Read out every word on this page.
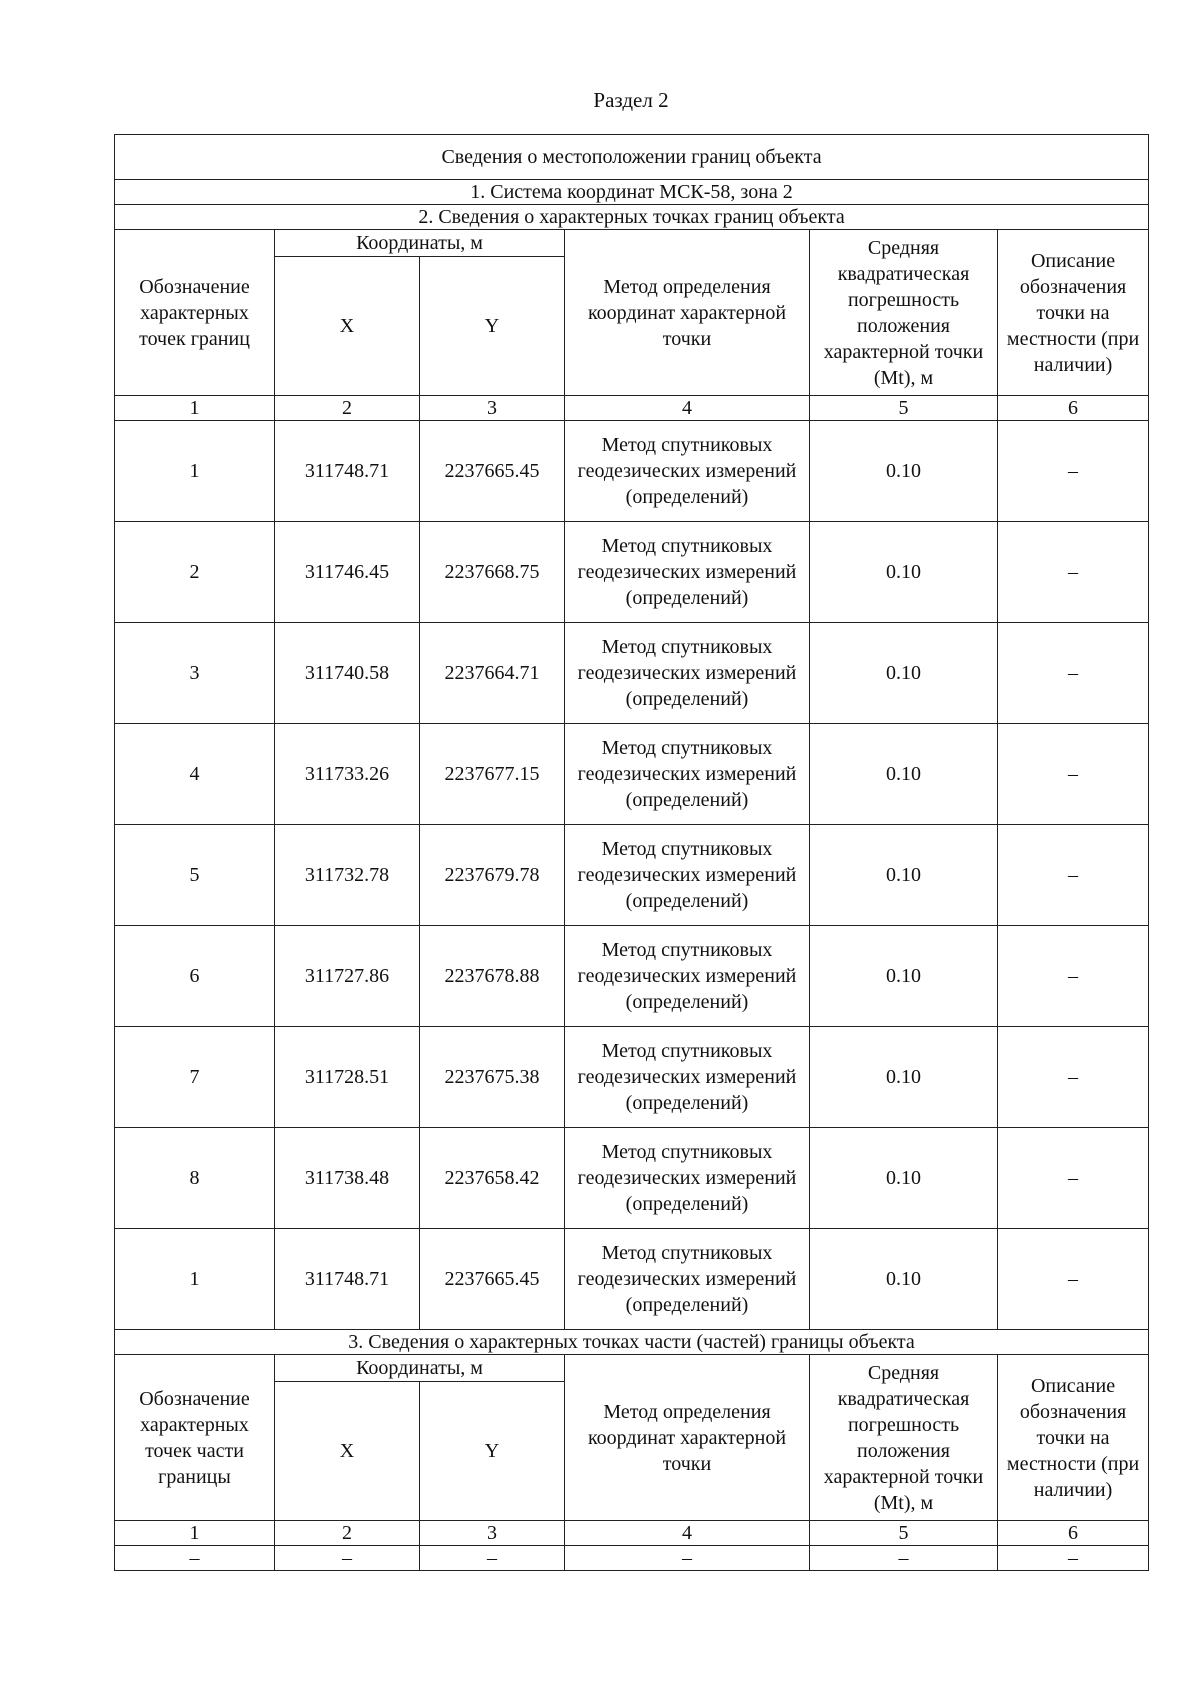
Раздел 2
Сведения о местоположении границ объекта					
1. Система координат МСК-58, зона 2					
2. Сведения о характерных точках границ объекта					
Обозначение характерных точек границ	Координаты, м		Метод определения координат характерной точки	Средняя квадратическая погрешность положения характерной точки (Mt), м	Описание обозначения точки на местности (при наличии)
	X	Y			
1	2	3	4	5	6
1	311748.71	2237665.45	Метод спутниковых геодезических измерений (определений)	0.10	–
2	311746.45	2237668.75	Метод спутниковых геодезических измерений (определений)	0.10	–
3	311740.58	2237664.71	Метод спутниковых геодезических измерений (определений)	0.10	–
4	311733.26	2237677.15	Метод спутниковых геодезических измерений (определений)	0.10	–
5	311732.78	2237679.78	Метод спутниковых геодезических измерений (определений)	0.10	–
6	311727.86	2237678.88	Метод спутниковых геодезических измерений (определений)	0.10	–
7	311728.51	2237675.38	Метод спутниковых геодезических измерений (определений)	0.10	–
8	311738.48	2237658.42	Метод спутниковых геодезических измерений (определений)	0.10	–
1	311748.71	2237665.45	Метод спутниковых геодезических измерений (определений)	0.10	–
3. Сведения о характерных точках части (частей) границы объекта					
Обозначение характерных точек части границы	Координаты, м		Метод определения координат характерной точки	Средняя квадратическая погрешность положения характерной точки (Mt), м	Описание обозначения точки на местности (при наличии)
	X	Y			
1	2	3	4	5	6
–	–	–	–	–	–
